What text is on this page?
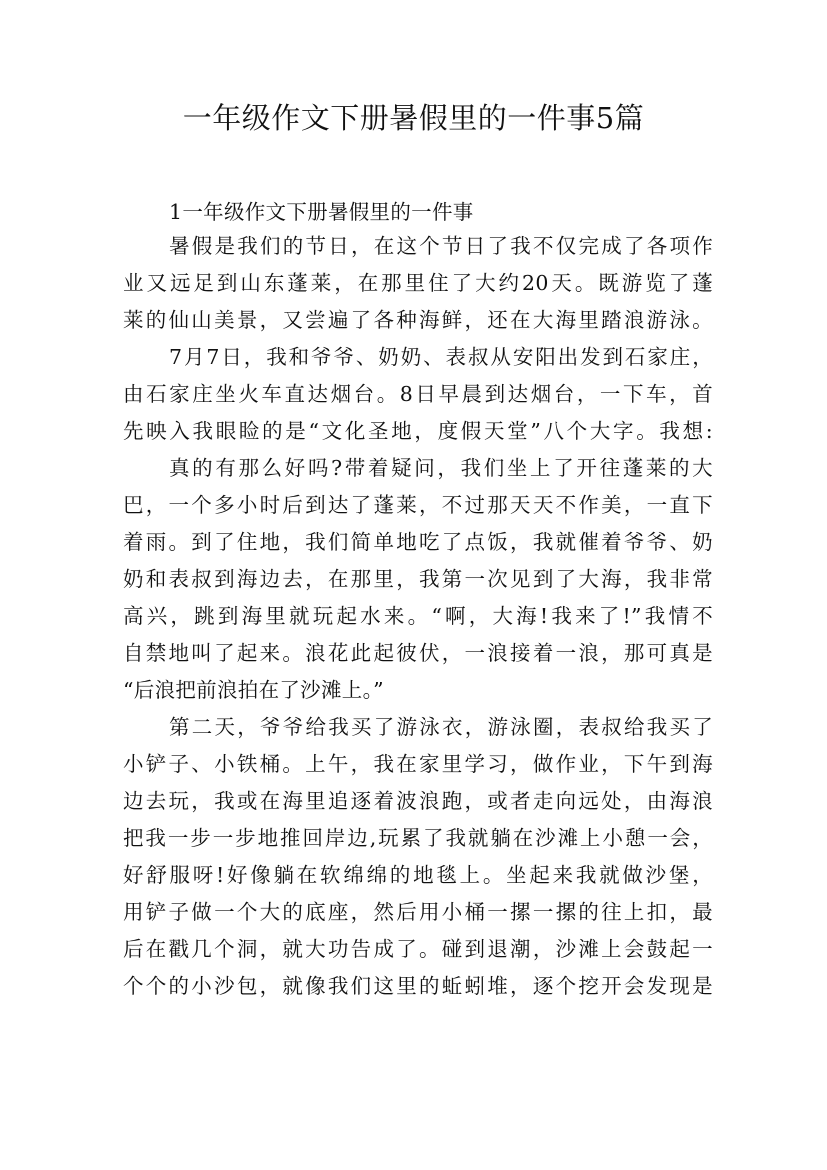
一年级作文下册暑假里的一件事5篇
1一年级作文下册暑假里的一件事
暑假是我们的节日，在这个节日了我不仅完成了各项作
业又远足到山东蓬莱，在那里住了大约20天。既游览了蓬
莱的仙山美景，又尝遍了各种海鲜，还在大海里踏浪游泳。
7月7日，我和爷爷、奶奶、表叔从安阳出发到石家庄，
由石家庄坐火车直达烟台。8日早晨到达烟台，一下车，首
先映入我眼睑的是“文化圣地，度假天堂”八个大字。我想:
真的有那么好吗?带着疑问，我们坐上了开往蓬莱的大
巴，一个多小时后到达了蓬莱，不过那天天不作美，一直下
着雨。到了住地，我们简单地吃了点饭，我就催着爷爷、奶
奶和表叔到海边去，在那里，我第一次见到了大海，我非常
高兴，跳到海里就玩起水来。“啊，大海!我来了!”我情不
自禁地叫了起来。浪花此起彼伏，一浪接着一浪，那可真是
“后浪把前浪拍在了沙滩上。”
第二天，爷爷给我买了游泳衣，游泳圈，表叔给我买了
小铲子、小铁桶。上午，我在家里学习，做作业，下午到海
边去玩，我或在海里追逐着波浪跑，或者走向远处，由海浪
把我一步一步地推回岸边,玩累了我就躺在沙滩上小憩一会，
好舒服呀!好像躺在软绵绵的地毯上。坐起来我就做沙堡，
用铲子做一个大的底座，然后用小桶一摞一摞的往上扣，最
后在戳几个洞，就大功告成了。碰到退潮，沙滩上会鼓起一
个个的小沙包，就像我们这里的蚯蚓堆，逐个挖开会发现是
